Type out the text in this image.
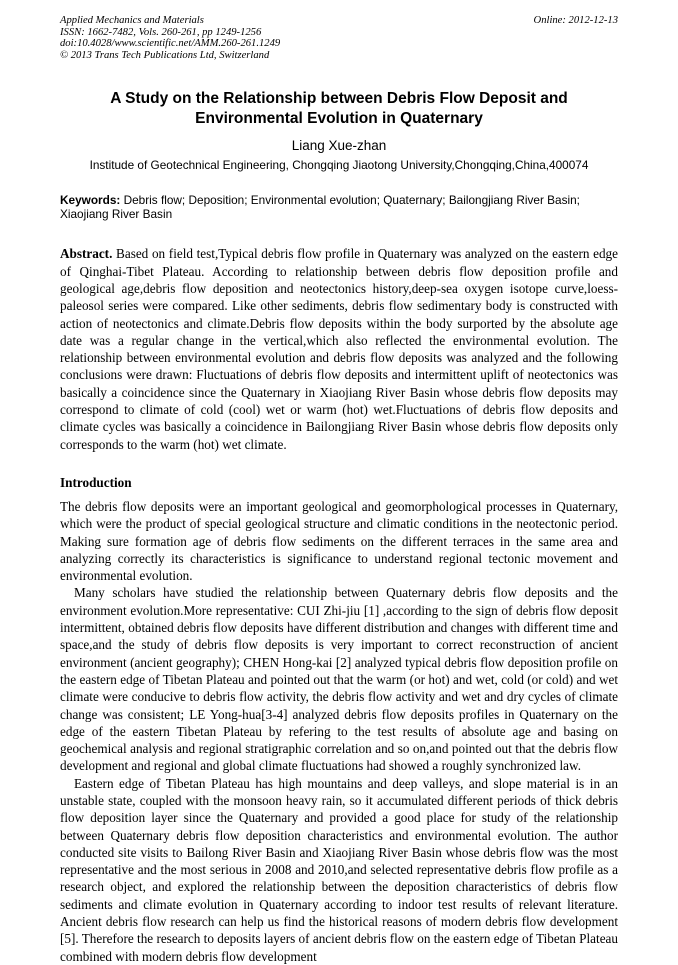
Applied Mechanics and Materials
ISSN: 1662-7482, Vols. 260-261, pp 1249-1256
doi:10.4028/www.scientific.net/AMM.260-261.1249
© 2013 Trans Tech Publications Ltd, Switzerland
Online: 2012-12-13
A Study on the Relationship between Debris Flow Deposit and Environmental Evolution in Quaternary
Liang Xue-zhan
Institude of Geotechnical Engineering, Chongqing Jiaotong University,Chongqing,China,400074
Keywords: Debris flow; Deposition; Environmental evolution; Quaternary; Bailongjiang River Basin; Xiaojiang River Basin
Abstract. Based on field test,Typical debris flow profile in Quaternary was analyzed on the eastern edge of Qinghai-Tibet Plateau. According to relationship between debris flow deposition profile and geological age,debris flow deposition and neotectonics history,deep-sea oxygen isotope curve,loess-paleosol series were compared. Like other sediments, debris flow sedimentary body is constructed with action of neotectonics and climate.Debris flow deposits within the body surported by the absolute age date was a regular change in the vertical,which also reflected the environmental evolution. The relationship between environmental evolution and debris flow deposits was analyzed and the following conclusions were drawn: Fluctuations of debris flow deposits and intermittent uplift of neotectonics was basically a coincidence since the Quaternary in Xiaojiang River Basin whose debris flow deposits may correspond to climate of cold (cool) wet or warm (hot) wet.Fluctuations of debris flow deposits and climate cycles was basically a coincidence in Bailongjiang River Basin whose debris flow deposits only corresponds to the warm (hot) wet climate.
Introduction

The debris flow deposits were an important geological and geomorphological processes in Quaternary, which were the product of special geological structure and climatic conditions in the neotectonic period. Making sure formation age of debris flow sediments on the different terraces in the same area and analyzing correctly its characteristics is significance to understand regional tectonic movement and environmental evolution.

Many scholars have studied the relationship between Quaternary debris flow deposits and the environment evolution.More representative: CUI Zhi-jiu [1] ,according to the sign of debris flow deposit intermittent, obtained debris flow deposits have different distribution and changes with different time and space,and the study of debris flow deposits is very important to correct reconstruction of ancient environment (ancient geography); CHEN Hong-kai [2] analyzed typical debris flow deposition profile on the eastern edge of Tibetan Plateau and pointed out that the warm (or hot) and wet, cold (or cold) and wet climate were conducive to debris flow activity, the debris flow activity and wet and dry cycles of climate change was consistent; LE Yong-hua[3-4] analyzed debris flow deposits profiles in Quaternary on the edge of the eastern Tibetan Plateau by refering to the test results of absolute age and basing on geochemical analysis and regional stratigraphic correlation and so on,and pointed out that the debris flow development and regional and global climate fluctuations had showed a roughly synchronized law.

Eastern edge of Tibetan Plateau has high mountains and deep valleys, and slope material is in an unstable state, coupled with the monsoon heavy rain, so it accumulated different periods of thick debris flow deposition layer since the Quaternary and provided a good place for study of the relationship between Quaternary debris flow deposition characteristics and environmental evolution. The author conducted site visits to Bailong River Basin and Xiaojiang River Basin whose debris flow was the most representative and the most serious in 2008 and 2010,and selected representative debris flow profile as a research object, and explored the relationship between the deposition characteristics of debris flow sediments and climate evolution in Quaternary according to indoor test results of relevant literature. Ancient debris flow research can help us find the historical reasons of modern debris flow development [5]. Therefore the research to deposits layers of ancient debris flow on the eastern edge of Tibetan Plateau combined with modern debris flow development
